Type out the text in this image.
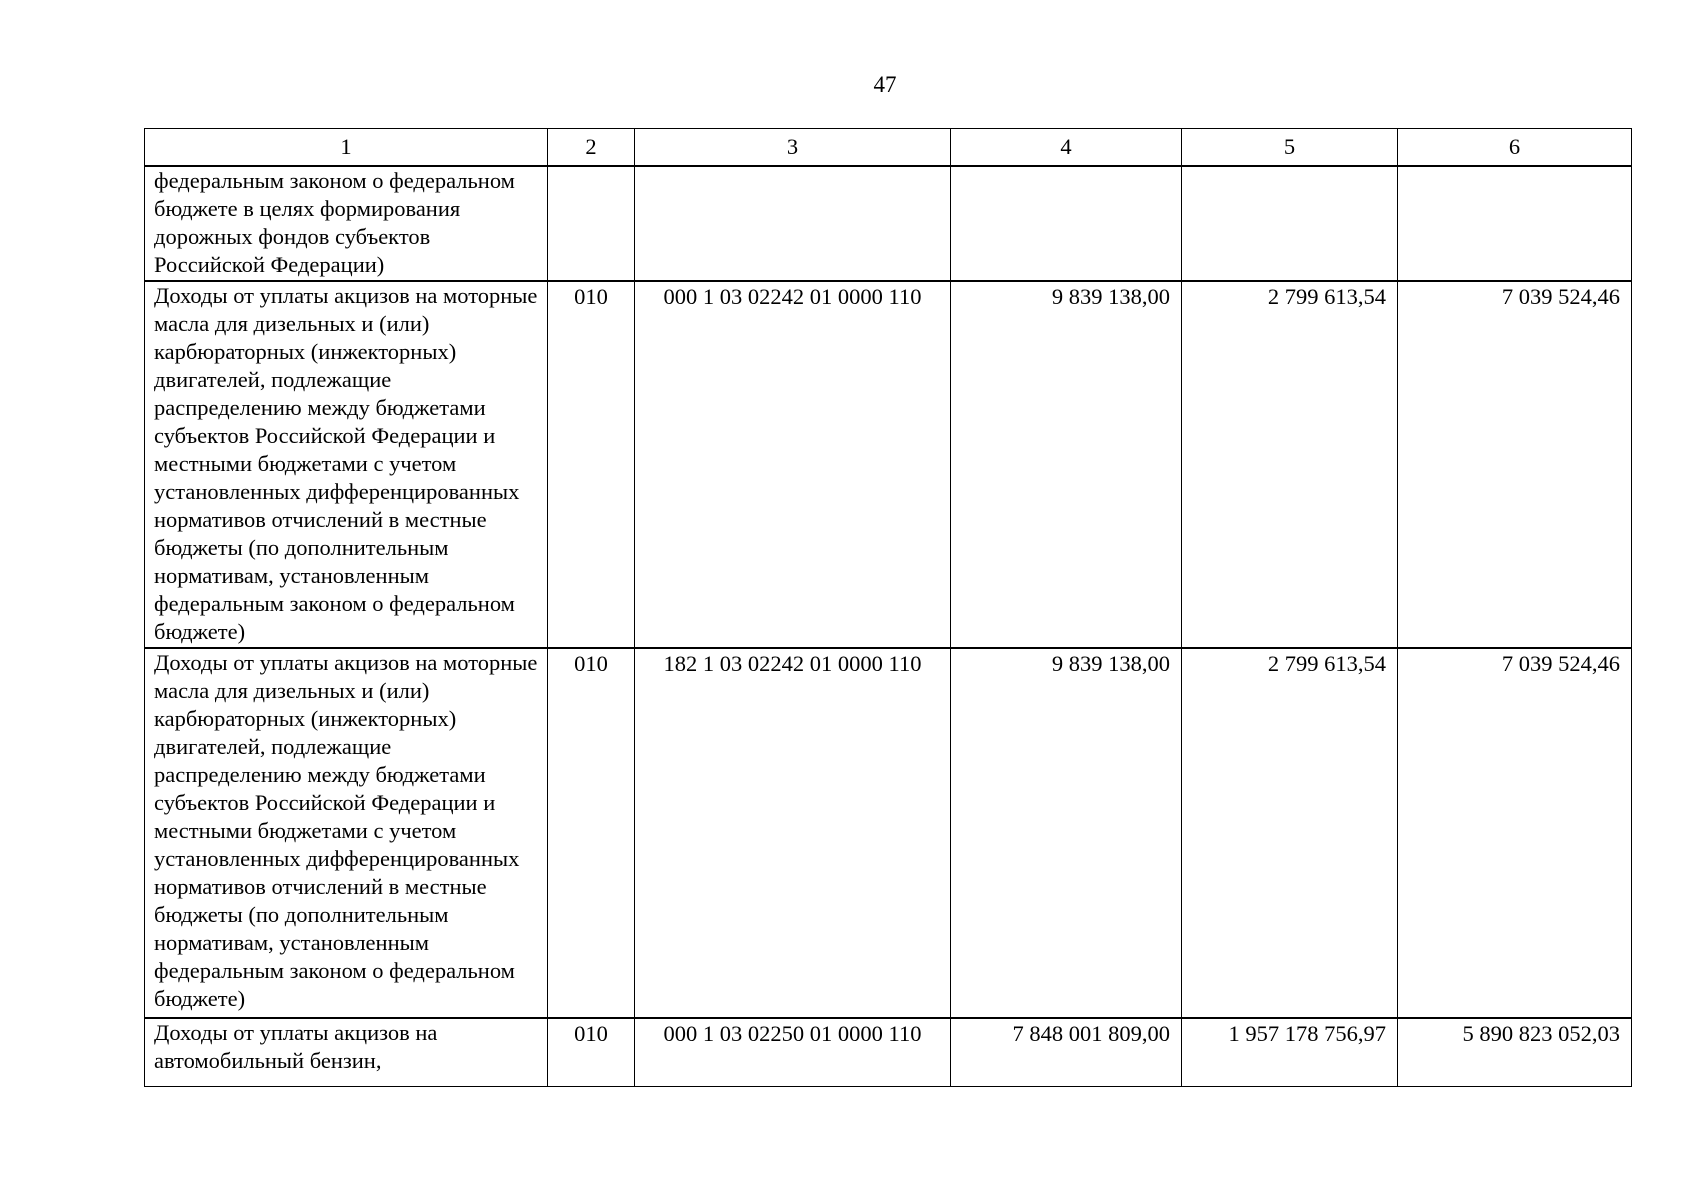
47
1	2	3	4	5	6
федеральным законом о федеральном бюджете в целях формирования дорожных фондов субъектов Российской Федерации)					
Доходы от уплаты акцизов на моторные масла для дизельных и (или) карбюраторных (инжекторных) двигателей, подлежащие распределению между бюджетами субъектов Российской Федерации и местными бюджетами с учетом установленных дифференцированных нормативов отчислений в местные бюджеты (по дополнительным нормативам, установленным федеральным законом о федеральном бюджете)	010	000 1 03 02242 01 0000 110	9 839 138,00	2 799 613,54	7 039 524,46
Доходы от уплаты акцизов на моторные масла для дизельных и (или) карбюраторных (инжекторных) двигателей, подлежащие распределению между бюджетами субъектов Российской Федерации и местными бюджетами с учетом установленных дифференцированных нормативов отчислений в местные бюджеты (по дополнительным нормативам, установленным федеральным законом о федеральном бюджете)	010	182 1 03 02242 01 0000 110	9 839 138,00	2 799 613,54	7 039 524,46
Доходы от уплаты акцизов на автомобильный бензин,	010	000 1 03 02250 01 0000 110	7 848 001 809,00	1 957 178 756,97	5 890 823 052,03
